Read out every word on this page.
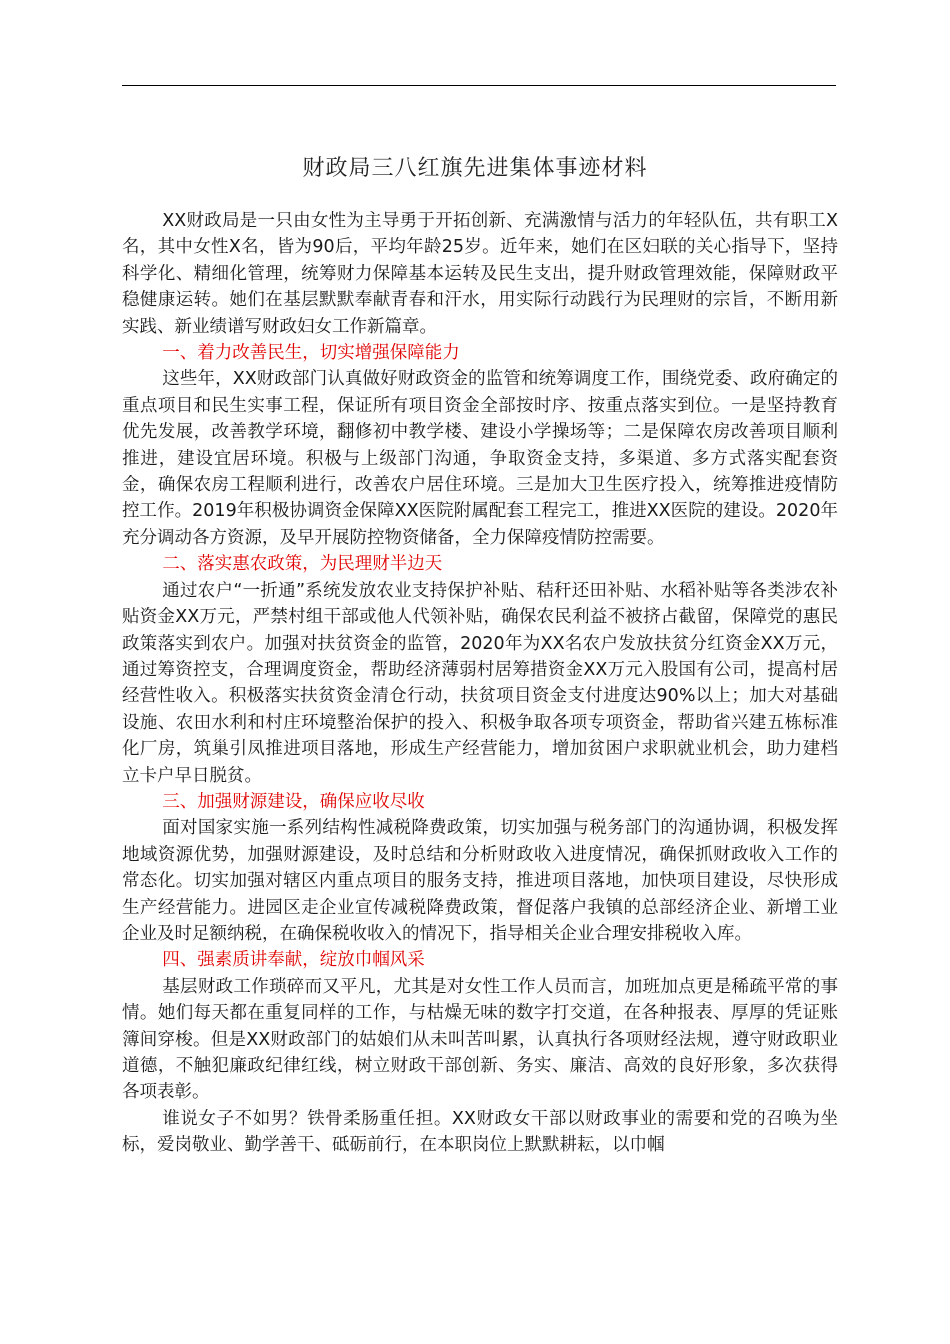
财政局三八红旗先进集体事迹材料

XX财政局是一只由女性为主导勇于开拓创新、充满激情与活力的年轻队伍，共有职工X名，其中女性X名，皆为90后，平均年龄25岁。近年来，她们在区妇联的关心指导下，坚持科学化、精细化管理，统筹财力保障基本运转及民生支出，提升财政管理效能，保障财政平稳健康运转。她们在基层默默奉献青春和汗水，用实际行动践行为民理财的宗旨，不断用新实践、新业绩谱写财政妇女工作新篇章。

一、着力改善民生，切实增强保障能力

这些年，XX财政部门认真做好财政资金的监管和统筹调度工作，围绕党委、政府确定的重点项目和民生实事工程，保证所有项目资金全部按时序、按重点落实到位。一是坚持教育优先发展，改善教学环境，翻修初中教学楼、建设小学操场等；二是保障农房改善项目顺利推进，建设宜居环境。积极与上级部门沟通，争取资金支持，多渠道、多方式落实配套资金，确保农房工程顺利进行，改善农户居住环境。三是加大卫生医疗投入，统筹推进疫情防控工作。2019年积极协调资金保障XX医院附属配套工程完工，推进XX医院的建设。2020年充分调动各方资源，及早开展防控物资储备，全力保障疫情防控需要。

二、落实惠农政策，为民理财半边天

通过农户“一折通”系统发放农业支持保护补贴、秸秆还田补贴、水稻补贴等各类涉农补贴资金XX万元，严禁村组干部或他人代领补贴，确保农民利益不被挤占截留，保障党的惠民政策落实到农户。加强对扶贫资金的监管，2020年为XX名农户发放扶贫分红资金XX万元，通过筹资控支，合理调度资金，帮助经济薄弱村居筹措资金XX万元入股国有公司，提高村居经营性收入。积极落实扶贫资金清仓行动，扶贫项目资金支付进度达90%以上；加大对基础设施、农田水利和村庄环境整治保护的投入、积极争取各项专项资金，帮助省兴建五栋标准化厂房，筑巢引凤推进项目落地，形成生产经营能力，增加贫困户求职就业机会，助力建档立卡户早日脱贫。

三、加强财源建设，确保应收尽收

面对国家实施一系列结构性减税降费政策，切实加强与税务部门的沟通协调，积极发挥地域资源优势，加强财源建设，及时总结和分析财政收入进度情况，确保抓财政收入工作的常态化。切实加强对辖区内重点项目的服务支持，推进项目落地，加快项目建设，尽快形成生产经营能力。进园区走企业宣传减税降费政策，督促落户我镇的总部经济企业、新增工业企业及时足额纳税，在确保税收收入的情况下，指导相关企业合理安排税收入库。

四、强素质讲奉献，绽放巾帼风采

基层财政工作琐碎而又平凡，尤其是对女性工作人员而言，加班加点更是稀疏平常的事情。她们每天都在重复同样的工作，与枯燥无味的数字打交道，在各种报表、厚厚的凭证账簿间穿梭。但是XX财政部门的姑娘们从未叫苦叫累，认真执行各项财经法规，遵守财政职业道德，不触犯廉政纪律红线，树立财政干部创新、务实、廉洁、高效的良好形象，多次获得各项表彰。

谁说女子不如男？铁骨柔肠重任担。XX财政女干部以财政事业的需要和党的召唤为坐标，爱岗敬业、勤学善干、砥砺前行，在本职岗位上默默耕耘，以巾帼
